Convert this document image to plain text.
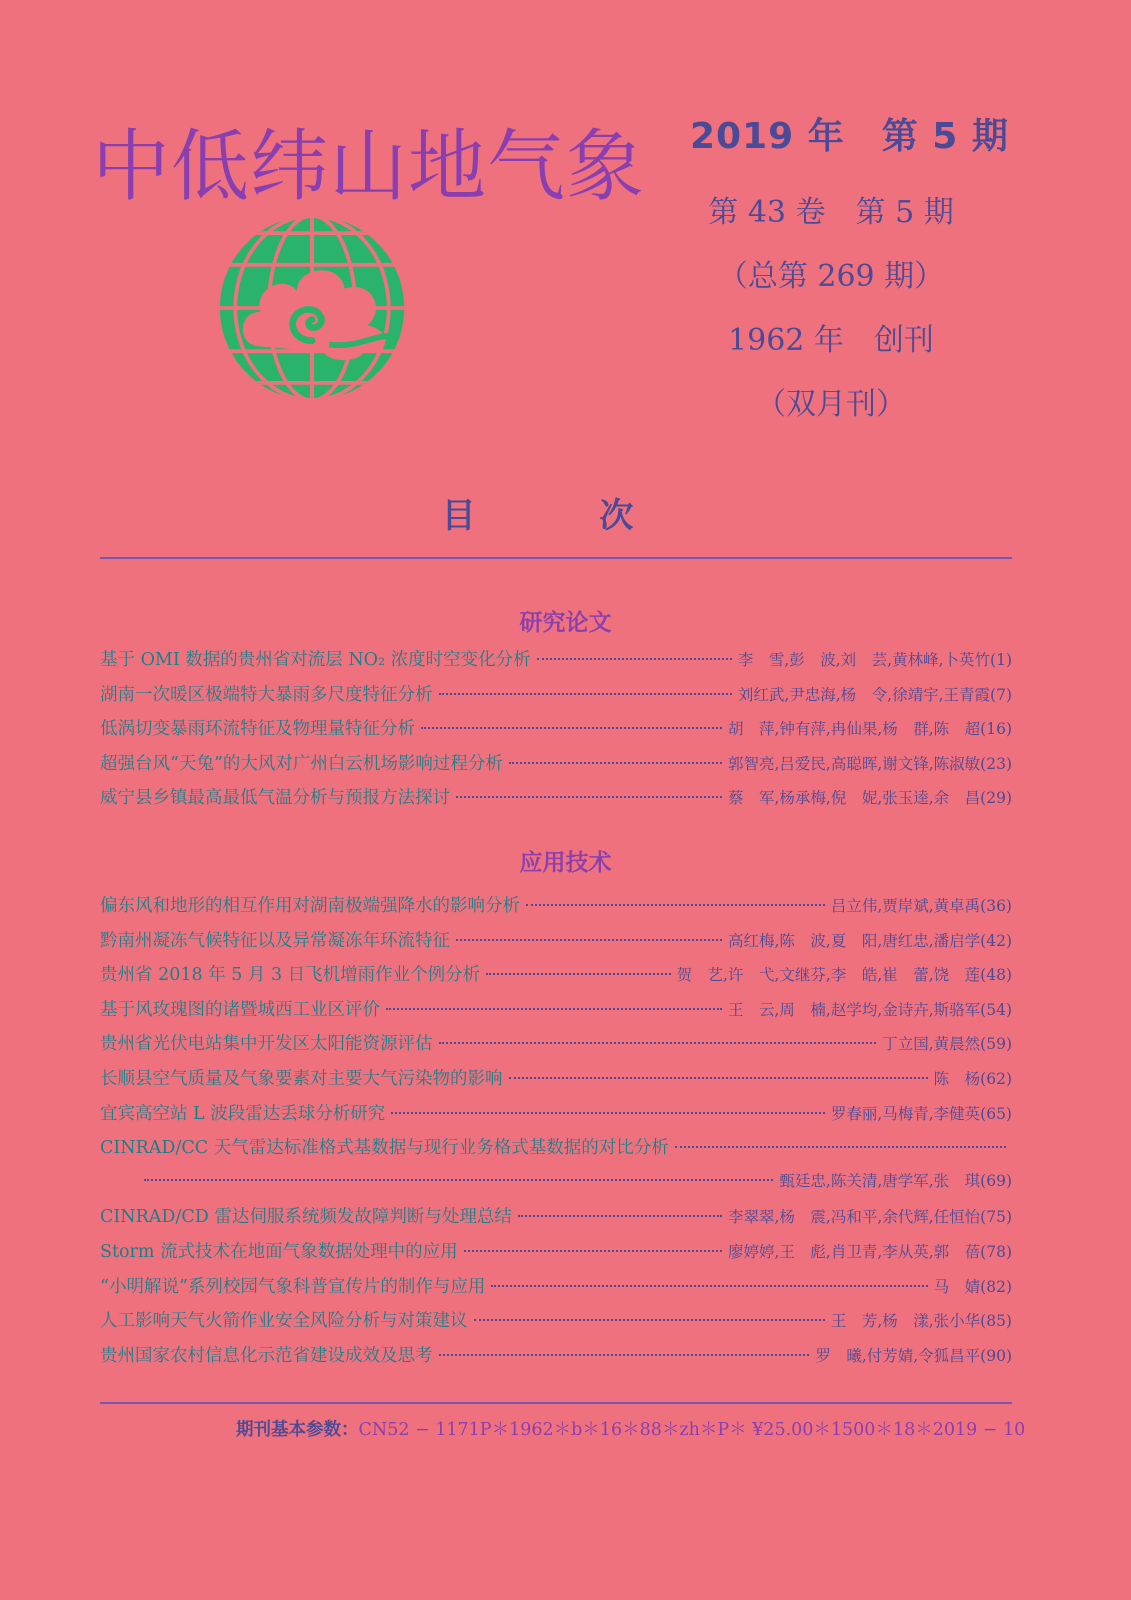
中低纬山地气象 2019 年　第 5 期
第 43 卷　第 5 期
（总第 269 期）
1962 年　创刊
（双月刊）
目 次
研究论文
基于 OMI 数据的贵州省对流层 NO₂ 浓度时空变化分析	李　雪,彭　波,刘　芸,黄林峰,卜英竹(1)
湖南一次暖区极端特大暴雨多尺度特征分析	刘红武,尹忠海,杨　令,徐靖宇,王青霞(7)
低涡切变暴雨环流特征及物理量特征分析	胡　萍,钟有萍,冉仙果,杨　群,陈　超(16)
超强台风“天兔”的大风对广州白云机场影响过程分析	郭智亮,吕爱民,高聪晖,谢文锋,陈淑敏(23)
威宁县乡镇最高最低气温分析与预报方法探讨	蔡　军,杨承梅,倪　妮,张玉逵,余　昌(29)
应用技术
偏东风和地形的相互作用对湖南极端强降水的影响分析	吕立伟,贾岸斌,黄卓禹(36)
黔南州凝冻气候特征以及异常凝冻年环流特征	高红梅,陈　波,夏　阳,唐红忠,潘启学(42)
贵州省 2018 年 5 月 3 日飞机增雨作业个例分析	贺　艺,许　弋,文继芬,李　皓,崔　蕾,饶　莲(48)
基于风玫瑰图的诸暨城西工业区评价	王　云,周　楠,赵学均,金诗卉,斯骆军(54)
贵州省光伏电站集中开发区太阳能资源评估	丁立国,黄晨然(59)
长顺县空气质量及气象要素对主要大气污染物的影响	陈　杨(62)
宜宾高空站 L 波段雷达丢球分析研究	罗春丽,马梅青,李健英(65)
CINRAD/CC 天气雷达标准格式基数据与现行业务格式基数据的对比分析
甄廷忠,陈关清,唐学军,张　琪(69)
CINRAD/CD 雷达伺服系统频发故障判断与处理总结	李翠翠,杨　震,冯和平,余代辉,任恒怡(75)
Storm 流式技术在地面气象数据处理中的应用	廖婷婷,王　彪,肖卫青,李从英,郭　蓓(78)
“小明解说”系列校园气象科普宣传片的制作与应用	马　婧(82)
人工影响天气火箭作业安全风险分析与对策建议	王　芳,杨　漾,张小华(85)
贵州国家农村信息化示范省建设成效及思考	罗　曦,付芳婧,令狐昌平(90)
期刊基本参数：CN52 − 1171P＊1962＊b＊16＊88＊zh＊P＊ ¥25.00＊1500＊18＊2019 − 10
